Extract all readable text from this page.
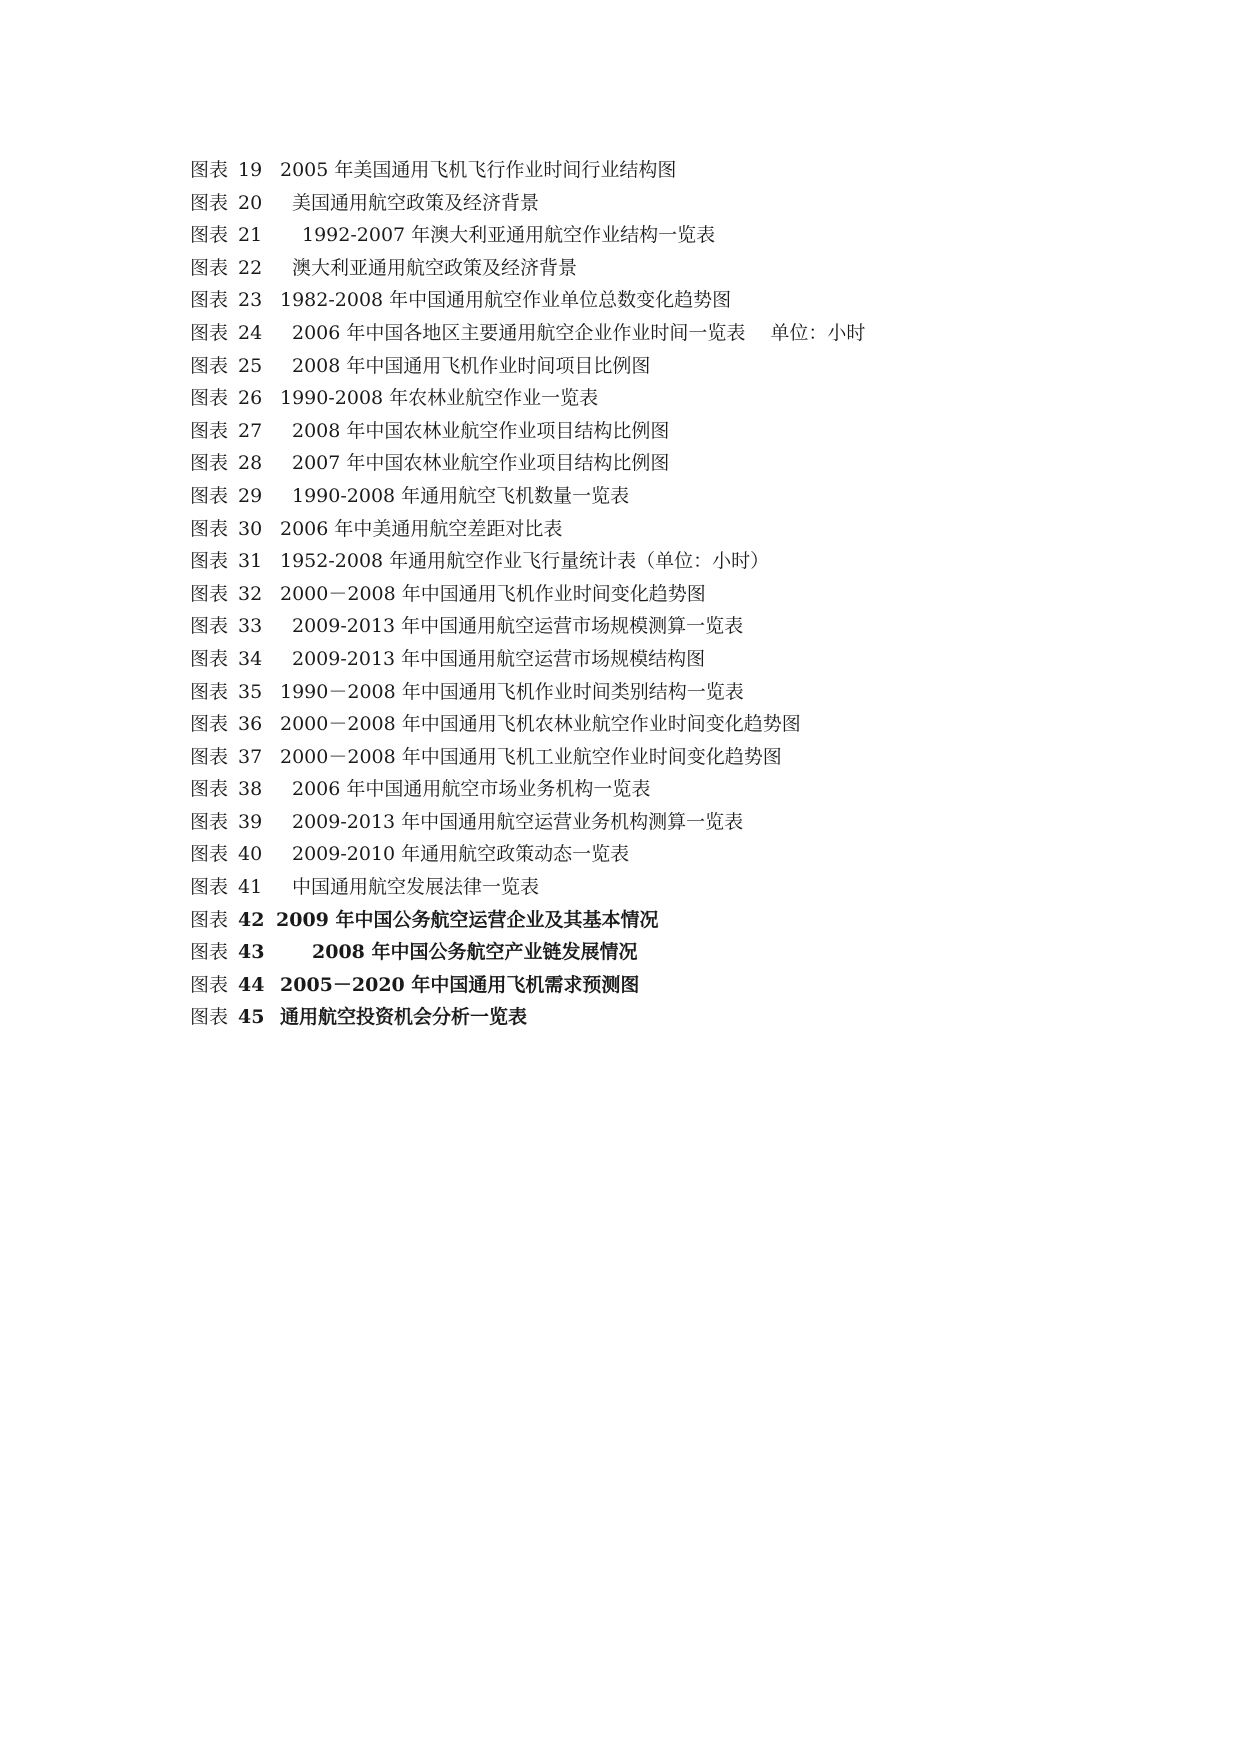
图表 19 2005 年美国通用飞机飞行作业时间行业结构图
图表 20 美国通用航空政策及经济背景
图表 21 1992-2007 年澳大利亚通用航空作业结构一览表
图表 22 澳大利亚通用航空政策及经济背景
图表 23 1982-2008 年中国通用航空作业单位总数变化趋势图
图表 24 2006 年中国各地区主要通用航空企业作业时间一览表　 单位：小时
图表 25 2008 年中国通用飞机作业时间项目比例图
图表 26 1990-2008 年农林业航空作业一览表
图表 27 2008 年中国农林业航空作业项目结构比例图
图表 28 2007 年中国农林业航空作业项目结构比例图
图表 29 1990-2008 年通用航空飞机数量一览表
图表 30 2006 年中美通用航空差距对比表
图表 31 1952-2008 年通用航空作业飞行量统计表（单位：小时）
图表 32 2000－2008 年中国通用飞机作业时间变化趋势图
图表 33 2009-2013 年中国通用航空运营市场规模测算一览表
图表 34 2009-2013 年中国通用航空运营市场规模结构图
图表 35 1990－2008 年中国通用飞机作业时间类别结构一览表
图表 36 2000－2008 年中国通用飞机农林业航空作业时间变化趋势图
图表 37 2000－2008 年中国通用飞机工业航空作业时间变化趋势图
图表 38 2006 年中国通用航空市场业务机构一览表
图表 39 2009-2013 年中国通用航空运营业务机构测算一览表
图表 40 2009-2010 年通用航空政策动态一览表
图表 41 中国通用航空发展法律一览表
图表 42 2009 年中国公务航空运营企业及其基本情况
图表 43	2008 年中国公务航空产业链发展情况
图表 44 2005－2020 年中国通用飞机需求预测图
图表 45 通用航空投资机会分析一览表
